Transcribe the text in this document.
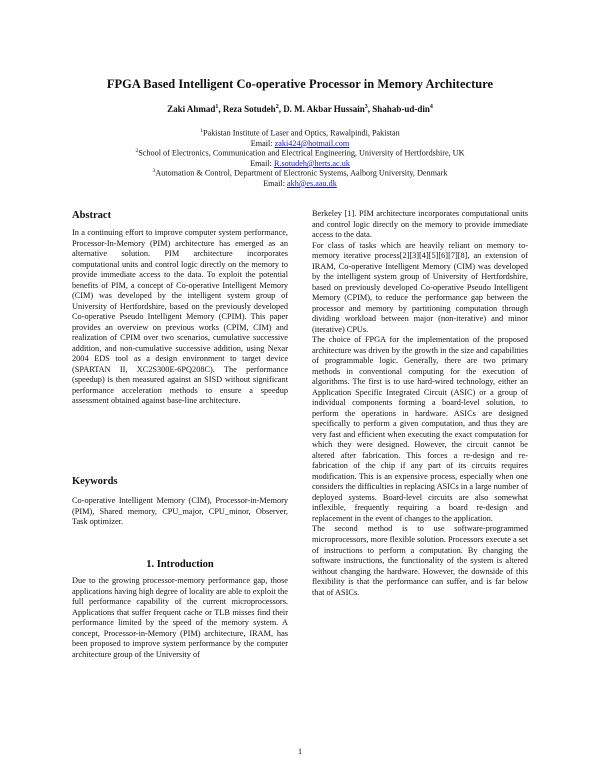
FPGA Based Intelligent Co-operative Processor in Memory Architecture
Zaki Ahmad$^1$, Reza Sotudeh$^2$, D. M. Akbar Hussain$^3$, Shahab-ud-din$^4$
$^1$Pakistan Institute of Laser and Optics, Rawalpindi, Pakistan
Email: zaki424@hotmail.com
$^2$School of Electronics, Communication and Electrical Engineering, University of Hertfordshire, UK
Email: R.sotudeh@herts.ac.uk
$^3$Automation & Control, Department of Electronic Systems, Aalborg University, Denmark
Email: akh@es.aau.dk
Abstract

In a continuing effort to improve computer system performance, Processor-In-Memory (PIM) architecture has emerged as an alternative solution. PIM architecture incorporates computational units and control logic directly on the memory to provide immediate access to the data. To exploit the potential benefits of PIM, a concept of Co-operative Intelligent Memory (CIM) was developed by the intelligent system group of University of Hertfordshire, based on the previously developed Co-operative Pseudo Intelligent Memory (CPIM). This paper provides an overview on previous works (CPIM, CIM) and realization of CPIM over two scenarios, cumulative successive addition, and non-cumulative successive addition, using Nexar 2004 EDS tool as a design environment to target device (SPARTAN II, XC2S300E-6PQ208C). The performance (speedup) is then measured against an SISD without significant performance acceleration methods to ensure a speedup assessment obtained against base-line architecture.

Keywords

Co-operative Intelligent Memory (CIM), Processor-in-Memory (PIM), Shared memory, CPU_major, CPU_minor, Observer, Task optimizer.

1. Introduction

Due to the growing processor-memory performance gap, those applications having high degree of locality are able to exploit the full performance capability of the current microprocessors. Applications that suffer frequent cache or TLB misses find their performance limited by the speed of the memory system. A concept, Processor-in-Memory (PIM) architecture, IRAM, has been proposed to improve system performance by the computer architecture group of the University of

Berkeley [1]. PIM architecture incorporates computational units and control logic directly on the memory to provide immediate access to the data.

For class of tasks which are heavily reliant on memory to-memory iterative process[2][3][4][5][6][7][8], an extension of IRAM, Co-operative Intelligent Memory (CIM) was developed by the intelligent system group of University of Hertfordshire, based on previously developed Co-operative Pseudo Intelligent Memory (CPIM), to reduce the performance gap between the processor and memory by partitioning computation through dividing workload between major (non-iterative) and minor (iterative) CPUs.

The choice of FPGA for the implementation of the proposed architecture was driven by the growth in the size and capabilities of programmable logic. Generally, there are two primary methods in conventional computing for the execution of algorithms. The first is to use hard-wired technology, either an Application Specific Integrated Circuit (ASIC) or a group of individual components forming a board-level solution, to perform the operations in hardware. ASICs are designed specifically to perform a given computation, and thus they are very fast and efficient when executing the exact computation for which they were designed. However, the circuit cannot be altered after fabrication. This forces a re-design and re-fabrication of the chip if any part of its circuits requires modification. This is an expensive process, especially when one considers the difficulties in replacing ASICs in a large number of deployed systems. Board-level circuits are also somewhat inflexible, frequently requiring a board re-design and replacement in the event of changes to the application.

The second method is to use software-programmed microprocessors, more flexible solution. Processors execute a set of instructions to perform a computation. By changing the software instructions, the functionality of the system is altered without changing the hardware. However, the downside of this flexibility is that the performance can suffer, and is far below that of ASICs.

1
